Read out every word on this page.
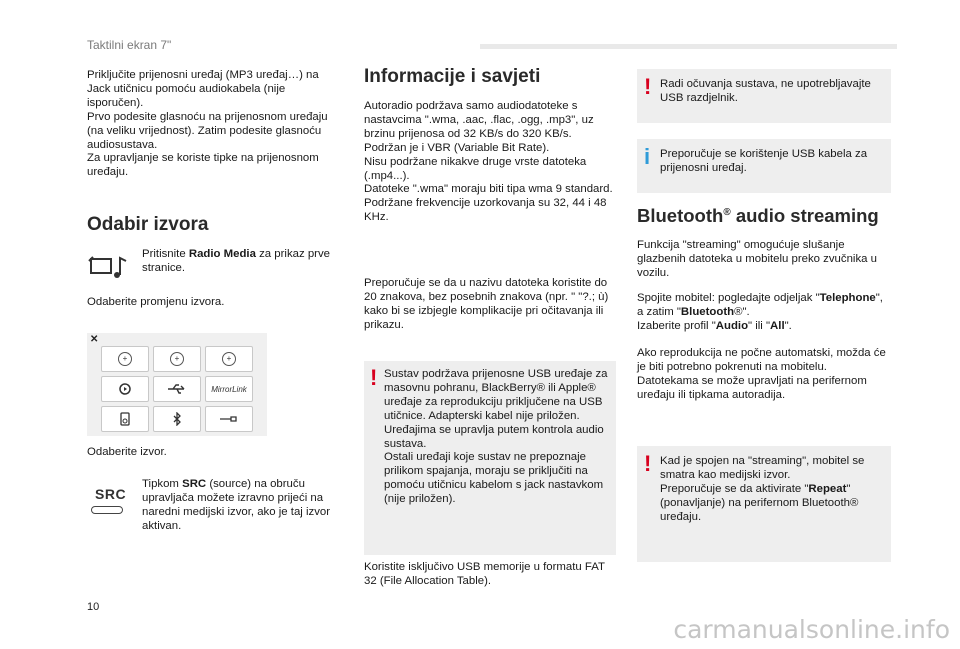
Taktilni ekran 7"

Priključite prijenosni uređaj (MP3 uređaj…) na Jack utičnicu pomoću audiokabela (nije isporučen).

Prvo podesite glasnoću na prijenosnom uređaju (na veliku vrijednost). Zatim podesite glasnoću audiosustava.

Za upravljanje se koriste tipke na prijenosnom uređaju.

Odabir izvora

Pritisnite Radio Media za prikaz prve stranice.

Odaberite promjenu izvora.
✕
+	+	+
MirrorLink
Odaberite izvor.
SRC

Tipkom SRC (source) na obruču upravljača možete izravno prijeći na naredni medijski izvor, ako je taj izvor aktivan.

Informacije i savjeti

Autoradio podržava samo audiodatoteke s nastavcima ".wma, .aac, .flac, .ogg, .mp3", uz brzinu prijenosa od 32 KB/s do 320 KB/s.

Podržan je i VBR (Variable Bit Rate).

Nisu podržane nikakve druge vrste datoteka (.mp4...).

Datoteke ".wma" moraju biti tipa wma 9 standard.

Podržane frekvencije uzorkovanja su 32, 44 i 48 KHz.

Preporučuje se da u nazivu datoteka koristite do 20 znakova, bez posebnih znakova (npr. " "?.; ù) kako bi se izbjegle komplikacije pri očitavanja ili prikazu.
! Sustav podržava prijenosne USB uređaje za masovnu pohranu, BlackBerry® ili Apple® uređaje za reprodukciju priključene na USB utičnice. Adapterski kabel nije priložen.

Uređajima se upravlja putem kontrola audio sustava.

Ostali uređaji koje sustav ne prepoznaje prilikom spajanja, moraju se priključiti na pomoću utičnicu kabelom s jack nastavkom (nije priložen).

Koristite isključivo USB memorije u formatu FAT 32 (File Allocation Table).
! Radi očuvanja sustava, ne upotrebljavajte USB razdjelnik.
i Preporučuje se korištenje USB kabela za prijenosni uređaj.
Bluetooth® audio streaming
Funkcija "streaming" omogućuje slušanje glazbenih datoteka u mobitelu preko zvučnika u vozilu.

Spojite mobitel: pogledajte odjeljak "Telephone", a zatim "Bluetooth®".

Izaberite profil "Audio" ili "All".

Ako reprodukcija ne počne automatski, možda će je biti potrebno pokrenuti na mobitelu. Datotekama se može upravljati na perifernom uređaju ili tipkama autoradija.
! Kad je spojen na "streaming", mobitel se smatra kao medijski izvor.

Preporučuje se da aktivirate "Repeat" (ponavljanje) na perifernom Bluetooth® uređaju.

10
carmanualsonline.info
